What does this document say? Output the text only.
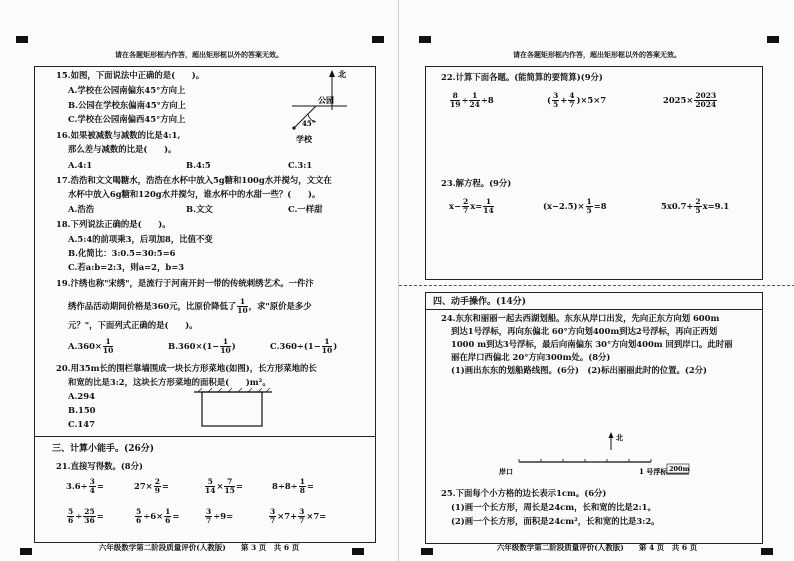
请在各题矩形框内作答，超出矩形框以外的答案无效。
15.如图，下面说法中正确的是(　　)。
A.学校在公园南偏东45°方向上
B.公园在学校东偏南45°方向上
C.学校在公园南偏西45°方向上
北
公园
45°
学校
16.如果被减数与减数的比是4:1,
那么差与减数的比是(　　)。
A.4:1	B.4:5	C.3:1
17.浩浩和文文喝糖水，浩浩在水杯中放入5g糖和100g水并搅匀，文文在
水杯中放入6g糖和120g水并搅匀，谁水杯中的水甜一些？(　　)。
A.浩浩	B.文文	C.一样甜
18.下列说法正确的是(　　)。
A.5:4的前项乘3，后项加8，比值不变
B.化简比：3:0.5=30:5=6
C.若a:b=2:3，则a=2，b=3
19.汴绣也称"宋绣"，是流行于河南开封一带的传统刺绣艺术。一件汴
绣作品活动期间价格是360元，比原价降低了 $\frac{1}{10}$ ，求"原价是多少
元？"，下面列式正确的是(　　)。
$A.360\times \frac{1}{10}$	$B.360\times(1- \frac{1}{10}$ )	$C.360\div(1- \frac{1}{10}$ )
20.用35m长的围栏靠墙围成一块长方形菜地(如图)，长方形菜地的长
和宽的比是3:2，这块长方形菜地的面积是(　　)m²。
A.294
B.150
C.147
三、计算小能手。(26分)
21.直接写得数。(8分)
$3.6\div \frac{3}{4}$ =	$27\times \frac{2}{9}$ =	$\frac{5}{14} \times \frac{7}{15}$ =	$8\div 8\div \frac{1}{8}$ =
$\frac{5}{6} \div \frac{25}{36}$ =	$\frac{5}{6} \div 6\times \frac{1}{6}$ =	$\frac{3}{7} \div 9=$	$\frac{3}{7} \times 7+ \frac{3}{7} \times 7=$
六年级数学第二阶段质量评价(人教版)　　第 3 页　共 6 页
请在各题矩形框内作答，超出矩形框以外的答案无效。
22.计算下面各题。(能简算的要简算)(9分)
$\frac{8}{19} \div \frac{1}{24} \div 8$	( $\frac{3}{5} + \frac{4}{7} )\times 5\times 7$	$2025\times \frac{2023}{2024}$
23.解方程。(9分)
$x- \frac{2}{7} x= \frac{1}{14}$	$(x-2.5)\times \frac{1}{5} =8$	$5x0.7+ \frac{2}{5} x=9.1$
四、动手操作。(14分)
24.东东和丽丽一起去西湖划船。东东从岸口出发，先向正东方向划 600m
到达1号浮标，再向东偏北 60°方向划400m到达2号浮标，再向正西划
1000 m到达3号浮标，最后向南偏东 30°方向划400m 回到岸口。此时丽
丽在岸口西偏北 20°方向300m处。(8分)
(1)画出东东的划船路线图。(6分)　(2)标出丽丽此时的位置。(2分)
北
岸口	1 号浮标 200m
25.下面每个小方格的边长表示1cm。(6分)
(1)画一个长方形，周长是24cm，长和宽的比是2:1。
(2)画一个长方形，面积是24cm²，长和宽的比是3:2。
六年级数学第二阶段质量评价(人教版)　　第 4 页　共 6 页
